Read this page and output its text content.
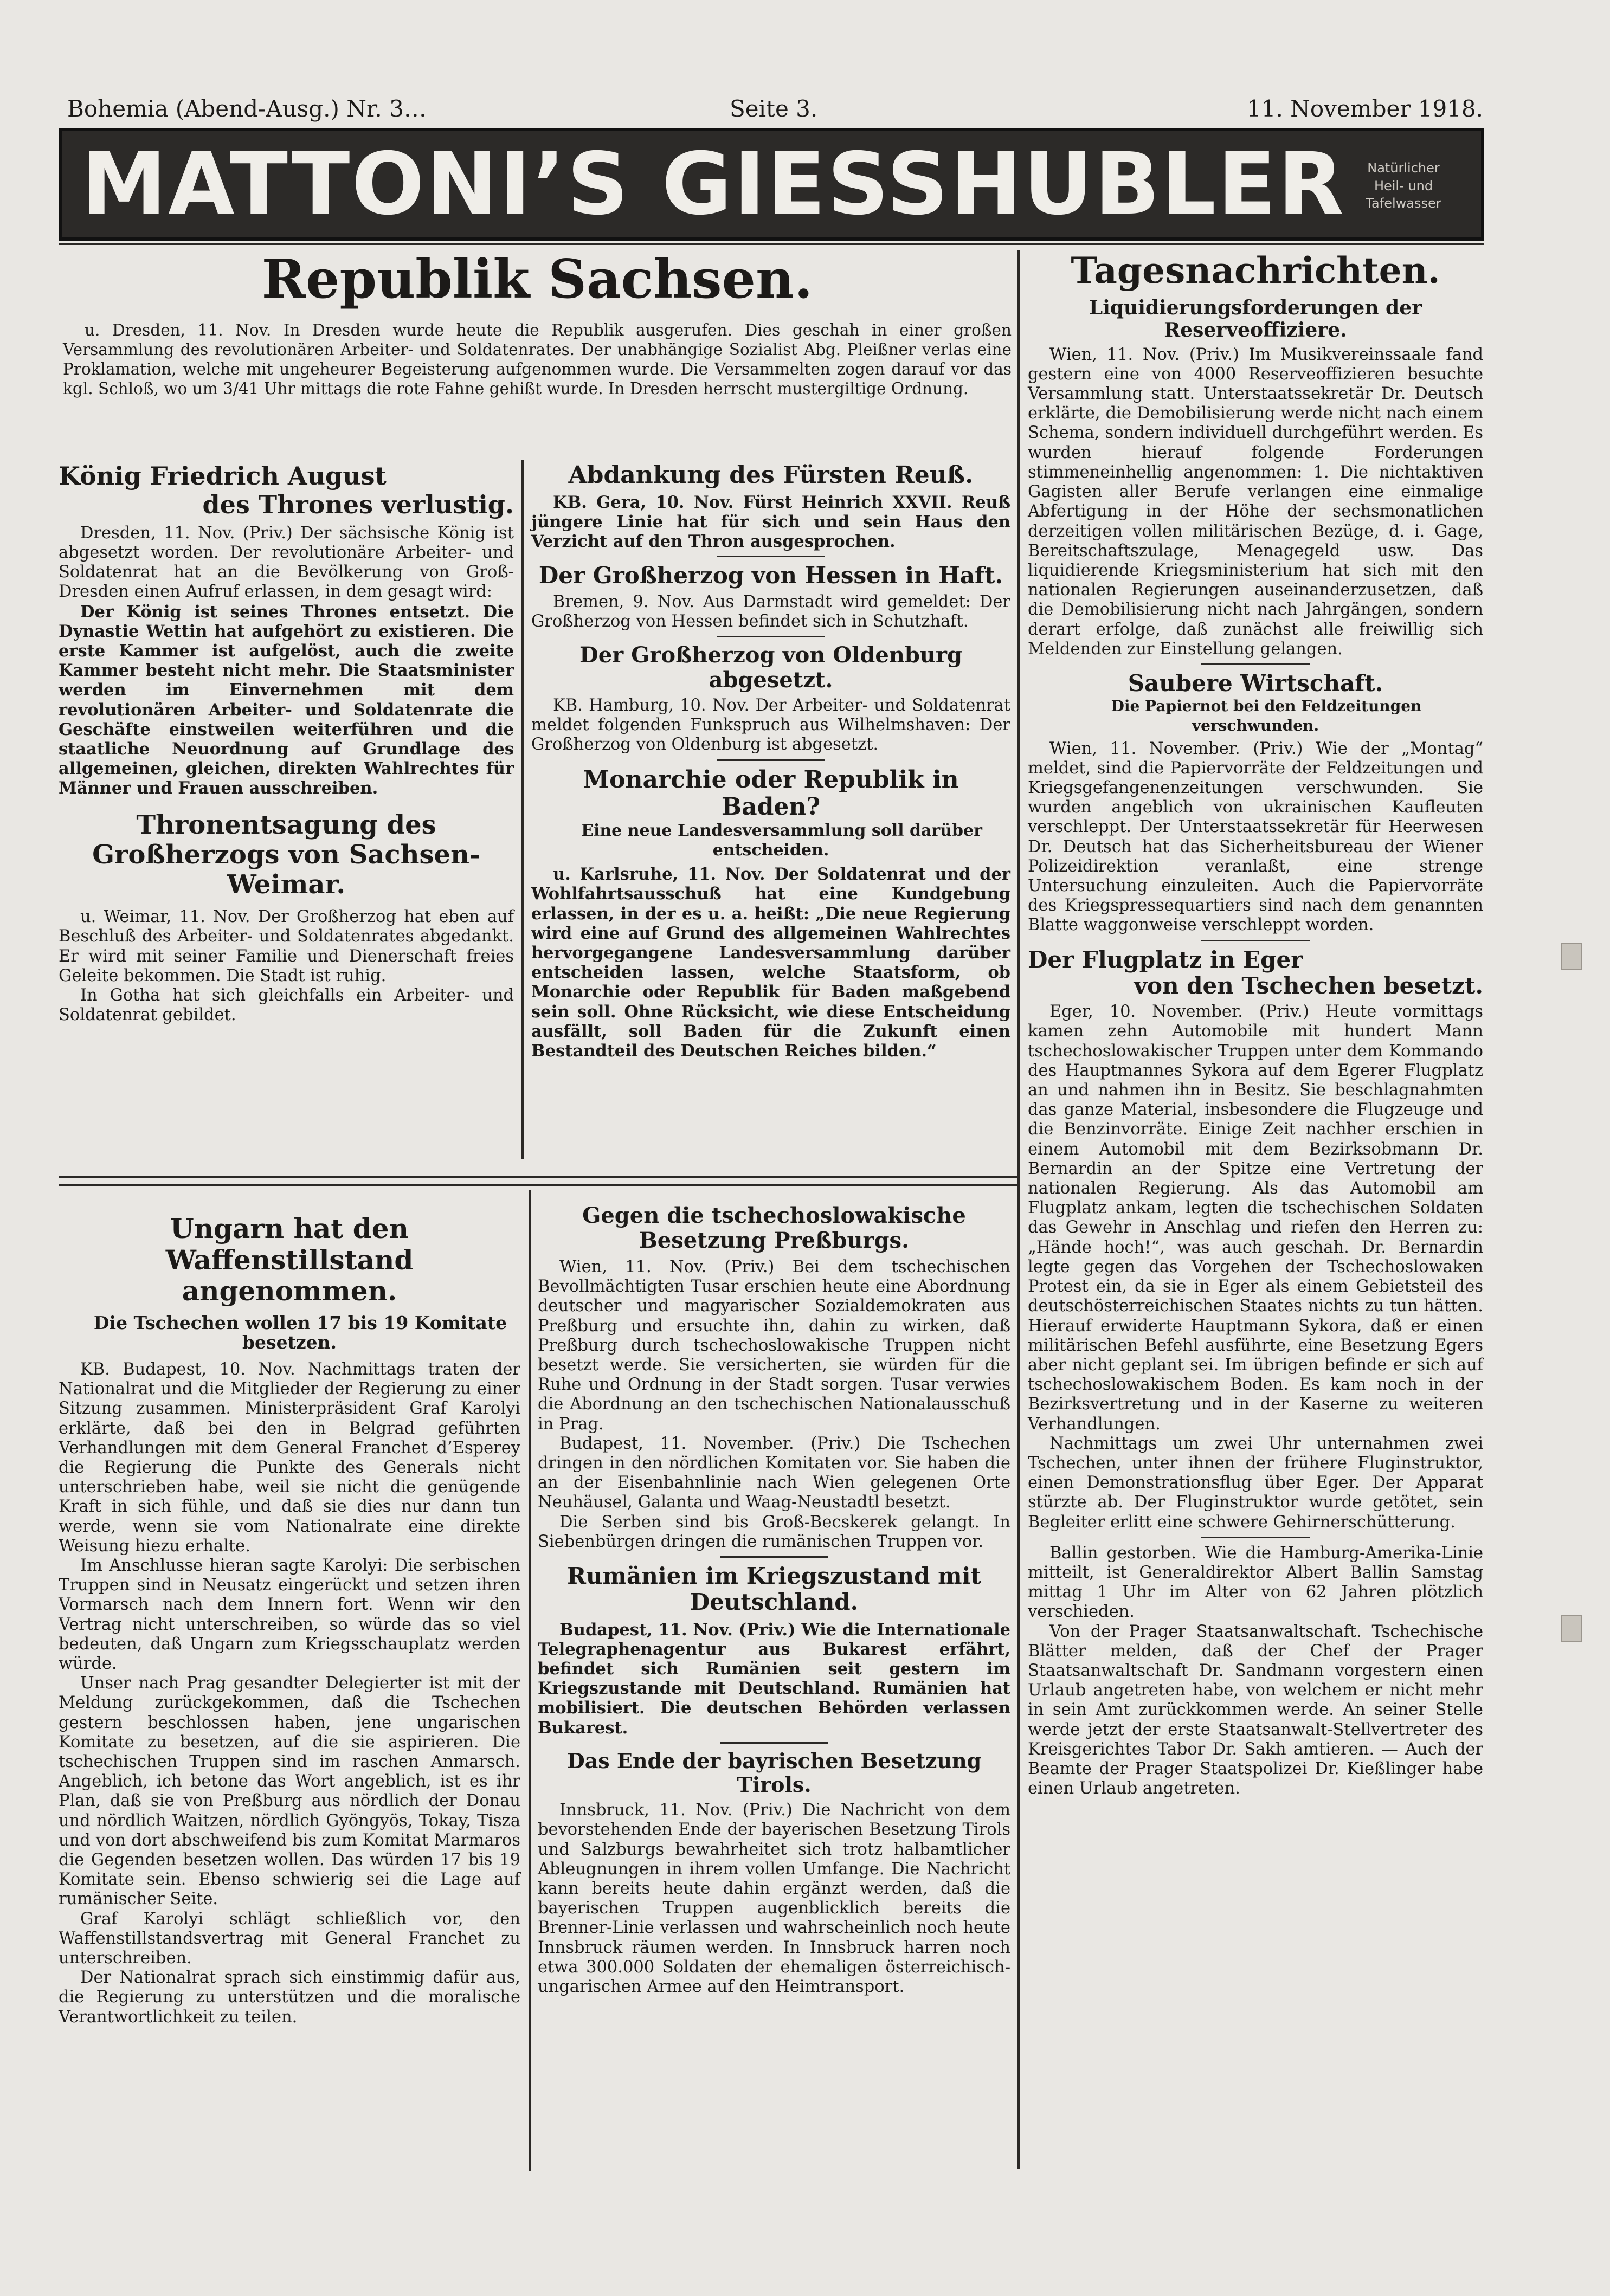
Bohemia (Abend-Ausg.) Nr. 3…	Seite 3.	11. November 1918.
MATTONI’S GIESSHUBLER	Natürlicher
Heil- und
Tafelwasser
Republik Sachsen.

u. Dresden, 11. Nov. In Dresden wurde heute die Republik ausgerufen. Dies geschah in einer großen Versammlung des revolutionären Arbeiter- und Soldatenrates. Der unabhängige Sozialist Abg. Pleißner verlas eine Proklamation, welche mit ungeheurer Begeisterung aufgenommen wurde. Die Versammelten zogen darauf vor das kgl. Schloß, wo um 3/41 Uhr mittags die rote Fahne gehißt wurde. In Dresden herrscht mustergiltige Ordnung.

König Friedrich August
des Thrones verlustig.

Dresden, 11. Nov. (Priv.) Der sächsische König ist abgesetzt worden. Der revolutionäre Arbeiter- und Soldatenrat hat an die Bevölkerung von Groß-Dresden einen Aufruf erlassen, in dem gesagt wird:

Der König ist seines Thrones entsetzt. Die Dynastie Wettin hat aufgehört zu existieren. Die erste Kammer ist aufgelöst, auch die zweite Kammer besteht nicht mehr. Die Staatsminister werden im Einvernehmen mit dem revolutionären Arbeiter- und Soldatenrate die Geschäfte einstweilen weiterführen und die staatliche Neuordnung auf Grundlage des allgemeinen, gleichen, direkten Wahlrechtes für Männer und Frauen ausschreiben.

Thronentsagung des Großherzogs von Sachsen-Weimar.

u. Weimar, 11. Nov. Der Großherzog hat eben auf Beschluß des Arbeiter- und Soldatenrates abgedankt. Er wird mit seiner Familie und Dienerschaft freies Geleite bekommen. Die Stadt ist ruhig.

In Gotha hat sich gleichfalls ein Arbeiter- und Soldatenrat gebildet.

Abdankung des Fürsten Reuß.

KB. Gera, 10. Nov. Fürst Heinrich XXVII. Reuß jüngere Linie hat für sich und sein Haus den Verzicht auf den Thron ausgesprochen.

Der Großherzog von Hessen in Haft.

Bremen, 9. Nov. Aus Darmstadt wird gemeldet: Der Großherzog von Hessen befindet sich in Schutzhaft.

Der Großherzog von Oldenburg abgesetzt.

KB. Hamburg, 10. Nov. Der Arbeiter- und Soldatenrat meldet folgenden Funkspruch aus Wilhelmshaven: Der Großherzog von Oldenburg ist abgesetzt.

Monarchie oder Republik in Baden?

Eine neue Landesversammlung soll darüber entscheiden.

u. Karlsruhe, 11. Nov. Der Soldatenrat und der Wohlfahrtsausschuß hat eine Kundgebung erlassen, in der es u. a. heißt: „Die neue Regierung wird eine auf Grund des allgemeinen Wahlrechtes hervorgegangene Landesversammlung darüber entscheiden lassen, welche Staatsform, ob Monarchie oder Republik für Baden maßgebend sein soll. Ohne Rücksicht, wie diese Entscheidung ausfällt, soll Baden für die Zukunft einen Bestandteil des Deutschen Reiches bilden.“

Tagesnachrichten.
Liquidierungsforderungen der Reserveoffiziere.

Wien, 11. Nov. (Priv.) Im Musikvereinssaale fand gestern eine von 4000 Reserveoffizieren besuchte Versammlung statt. Unterstaatssekretär Dr. Deutsch erklärte, die Demobilisierung werde nicht nach einem Schema, sondern individuell durchgeführt werden. Es wurden hierauf folgende Forderungen stimmeneinhellig angenommen: 1. Die nichtaktiven Gagisten aller Berufe verlangen eine einmalige Abfertigung in der Höhe der sechsmonatlichen derzeitigen vollen militärischen Bezüge, d. i. Gage, Bereitschaftszulage, Menagegeld usw. Das liquidierende Kriegsministerium hat sich mit den nationalen Regierungen auseinanderzusetzen, daß die Demobilisierung nicht nach Jahrgängen, sondern derart erfolge, daß zunächst alle freiwillig sich Meldenden zur Einstellung gelangen.

Saubere Wirtschaft.

Die Papiernot bei den Feldzeitungen verschwunden.

Wien, 11. November. (Priv.) Wie der „Montag“ meldet, sind die Papiervorräte der Feldzeitungen und Kriegsgefangenenzeitungen verschwunden. Sie wurden angeblich von ukrainischen Kaufleuten verschleppt. Der Unterstaatssekretär für Heerwesen Dr. Deutsch hat das Sicherheitsbureau der Wiener Polizeidirektion veranlaßt, eine strenge Untersuchung einzuleiten. Auch die Papiervorräte des Kriegspressequartiers sind nach dem genannten Blatte waggonweise verschleppt worden.

Der Flugplatz in Eger
von den Tschechen besetzt.

Eger, 10. November. (Priv.) Heute vormittags kamen zehn Automobile mit hundert Mann tschechoslowakischer Truppen unter dem Kommando des Hauptmannes Sykora auf dem Egerer Flugplatz an und nahmen ihn in Besitz. Sie beschlagnahmten das ganze Material, insbesondere die Flugzeuge und die Benzinvorräte. Einige Zeit nachher erschien in einem Automobil mit dem Bezirksobmann Dr. Bernardin an der Spitze eine Vertretung der nationalen Regierung. Als das Automobil am Flugplatz ankam, legten die tschechischen Soldaten das Gewehr in Anschlag und riefen den Herren zu: „Hände hoch!“, was auch geschah. Dr. Bernardin legte gegen das Vorgehen der Tschechoslowaken Protest ein, da sie in Eger als einem Gebietsteil des deutschösterreichischen Staates nichts zu tun hätten. Hierauf erwiderte Hauptmann Sykora, daß er einen militärischen Befehl ausführte, eine Besetzung Egers aber nicht geplant sei. Im übrigen befinde er sich auf tschechoslowakischem Boden. Es kam noch in der Bezirksvertretung und in der Kaserne zu weiteren Verhandlungen.

Nachmittags um zwei Uhr unternahmen zwei Tschechen, unter ihnen der frühere Fluginstruktor, einen Demonstrationsflug über Eger. Der Apparat stürzte ab. Der Fluginstruktor wurde getötet, sein Begleiter erlitt eine schwere Gehirnerschütterung.

Ballin gestorben. Wie die Hamburg-Amerika-Linie mitteilt, ist Generaldirektor Albert Ballin Samstag mittag 1 Uhr im Alter von 62 Jahren plötzlich verschieden.

Von der Prager Staatsanwaltschaft. Tschechische Blätter melden, daß der Chef der Prager Staatsanwaltschaft Dr. Sandmann vorgestern einen Urlaub angetreten habe, von welchem er nicht mehr in sein Amt zurückkommen werde. An seiner Stelle werde jetzt der erste Staatsanwalt-Stellvertreter des Kreisgerichtes Tabor Dr. Sakh amtieren. — Auch der Beamte der Prager Staatspolizei Dr. Kießlinger habe einen Urlaub angetreten.

Ungarn hat den Waffenstillstand angenommen.

Die Tschechen wollen 17 bis 19 Komitate besetzen.

KB. Budapest, 10. Nov. Nachmittags traten der Nationalrat und die Mitglieder der Regierung zu einer Sitzung zusammen. Ministerpräsident Graf Karolyi erklärte, daß bei den in Belgrad geführten Verhandlungen mit dem General Franchet d’Esperey die Regierung die Punkte des Generals nicht unterschrieben habe, weil sie nicht die genügende Kraft in sich fühle, und daß sie dies nur dann tun werde, wenn sie vom Nationalrate eine direkte Weisung hiezu erhalte.

Im Anschlusse hieran sagte Karolyi: Die serbischen Truppen sind in Neusatz eingerückt und setzen ihren Vormarsch nach dem Innern fort. Wenn wir den Vertrag nicht unterschreiben, so würde das so viel bedeuten, daß Ungarn zum Kriegsschauplatz werden würde.

Unser nach Prag gesandter Delegierter ist mit der Meldung zurückgekommen, daß die Tschechen gestern beschlossen haben, jene ungarischen Komitate zu besetzen, auf die sie aspirieren. Die tschechischen Truppen sind im raschen Anmarsch. Angeblich, ich betone das Wort angeblich, ist es ihr Plan, daß sie von Preßburg aus nördlich der Donau und nördlich Waitzen, nördlich Gyöngyös, Tokay, Tisza und von dort abschweifend bis zum Komitat Marmaros die Gegenden besetzen wollen. Das würden 17 bis 19 Komitate sein. Ebenso schwierig sei die Lage auf rumänischer Seite.

Graf Karolyi schlägt schließlich vor, den Waffenstillstandsvertrag mit General Franchet zu unterschreiben.

Der Nationalrat sprach sich einstimmig dafür aus, die Regierung zu unterstützen und die moralische Verantwortlichkeit zu teilen.

Gegen die tschechoslowakische Besetzung Preßburgs.

Wien, 11. Nov. (Priv.) Bei dem tschechischen Bevollmächtigten Tusar erschien heute eine Abordnung deutscher und magyarischer Sozialdemokraten aus Preßburg und ersuchte ihn, dahin zu wirken, daß Preßburg durch tschechoslowakische Truppen nicht besetzt werde. Sie versicherten, sie würden für die Ruhe und Ordnung in der Stadt sorgen. Tusar verwies die Abordnung an den tschechischen Nationalausschuß in Prag.

Budapest, 11. November. (Priv.) Die Tschechen dringen in den nördlichen Komitaten vor. Sie haben die an der Eisenbahnlinie nach Wien gelegenen Orte Neuhäusel, Galanta und Waag-Neustadtl besetzt.

Die Serben sind bis Groß-Becskerek gelangt. In Siebenbürgen dringen die rumänischen Truppen vor.

Rumänien im Kriegszustand mit Deutschland.

Budapest, 11. Nov. (Priv.) Wie die Internationale Telegraphenagentur aus Bukarest erfährt, befindet sich Rumänien seit gestern im Kriegszustande mit Deutschland. Rumänien hat mobilisiert. Die deutschen Behörden verlassen Bukarest.

Das Ende der bayrischen Besetzung Tirols.

Innsbruck, 11. Nov. (Priv.) Die Nachricht von dem bevorstehenden Ende der bayerischen Besetzung Tirols und Salzburgs bewahrheitet sich trotz halbamtlicher Ableugnungen in ihrem vollen Umfange. Die Nachricht kann bereits heute dahin ergänzt werden, daß die bayerischen Truppen augenblicklich bereits die Brenner-Linie verlassen und wahrscheinlich noch heute Innsbruck räumen werden. In Innsbruck harren noch etwa 300.000 Soldaten der ehemaligen österreichisch-ungarischen Armee auf den Heimtransport.
